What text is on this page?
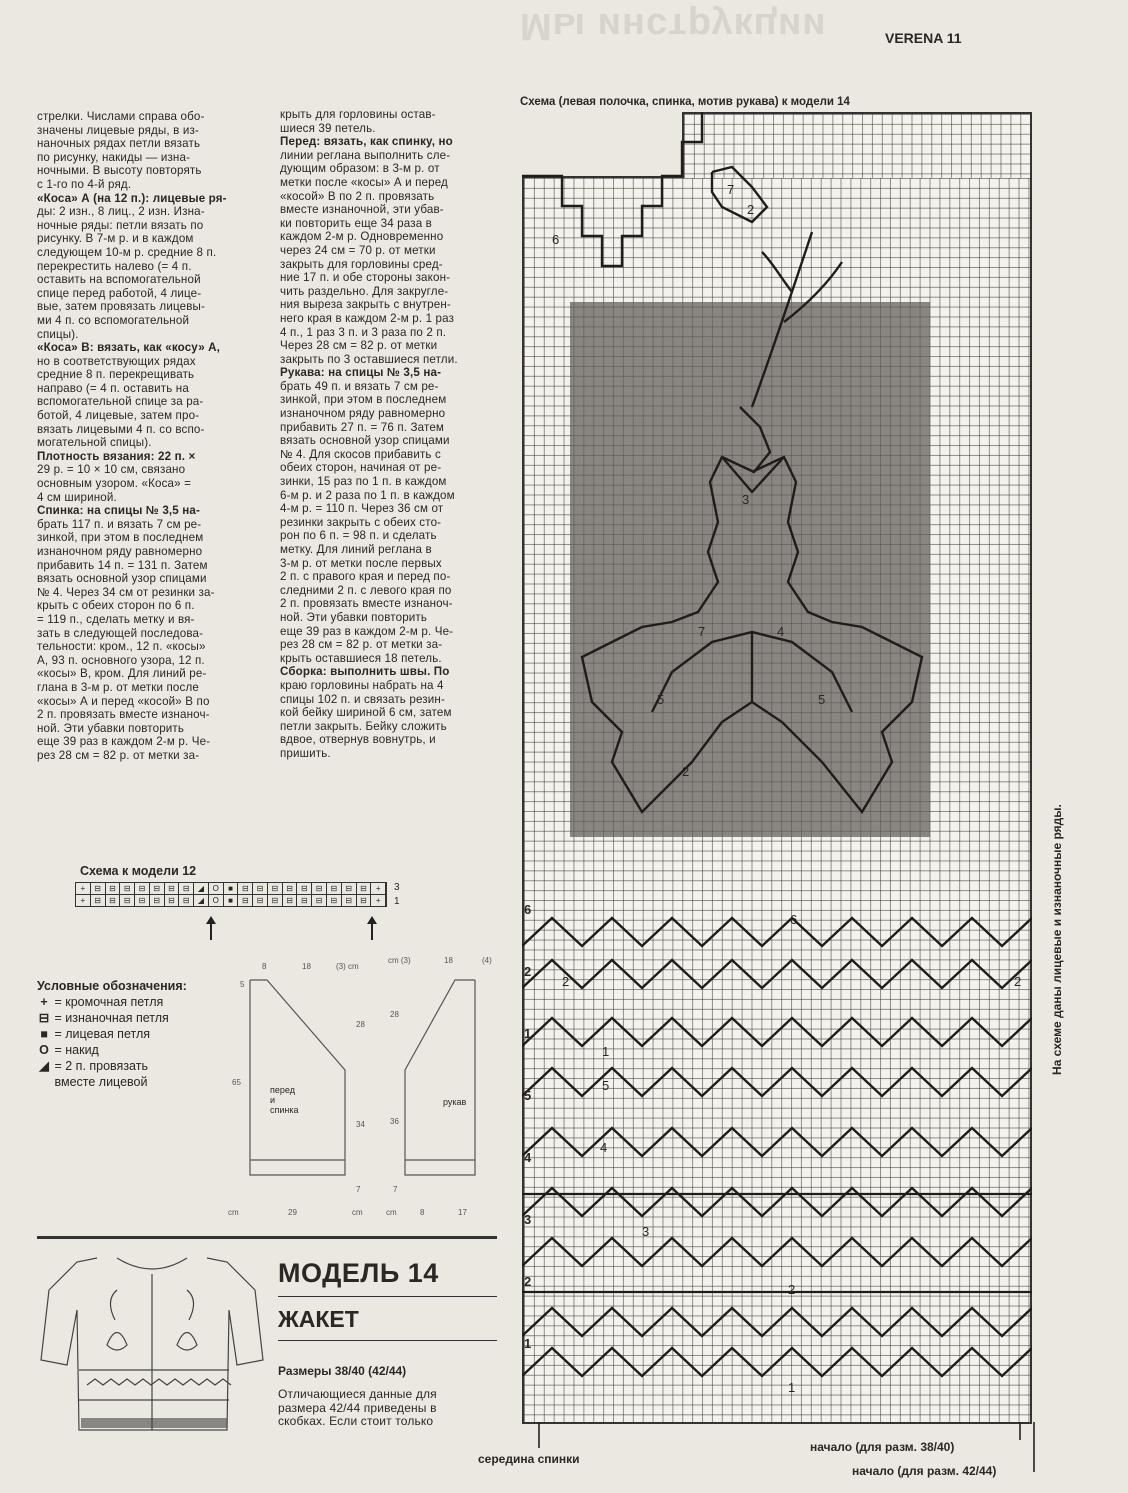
Мы инструкции	VERENA 11

стрелки. Числами справа обо-

значены лицевые ряды, в из-

наночных рядах петли вязать

по рисунку, накиды — изна-

ночными. В высоту повторять

с 1-го по 4-й ряд.

«Коса» А (на 12 п.): лицевые ря-

ды: 2 изн., 8 лиц., 2 изн. Изна-

ночные ряды: петли вязать по

рисунку. В 7-м р. и в каждом

следующем 10-м р. средние 8 п.

перекрестить налево (= 4 п.

оставить на вспомогательной

спице перед работой, 4 лице-

вые, затем провязать лицевы-

ми 4 п. со вспомогательной

спицы).

«Коса» В: вязать, как «косу» А,

но в соответствующих рядах

средние 8 п. перекрещивать

направо (= 4 п. оставить на

вспомогательной спице за ра-

ботой, 4 лицевые, затем про-

вязать лицевыми 4 п. со вспо-

могательной спицы).

Плотность вязания: 22 п. ×

29 р. = 10 × 10 см, связано

основным узором. «Коса» =

4 см шириной.

Спинка: на спицы № 3,5 на-

брать 117 п. и вязать 7 см ре-

зинкой, при этом в последнем

изнаночном ряду равномерно

прибавить 14 п. = 131 п. Затем

вязать основной узор спицами

№ 4. Через 34 см от резинки за-

крыть с обеих сторон по 6 п.

= 119 п., сделать метку и вя-

зать в следующей последова-

тельности: кром., 12 п. «косы»

А, 93 п. основного узора, 12 п.

«косы» В, кром. Для линий ре-

глана в 3-м р. от метки после

«косы» А и перед «косой» В по

2 п. провязать вместе изнаноч-

ной. Эти убавки повторить

еще 39 раз в каждом 2-м р. Че-

рез 28 см = 82 р. от метки за-

крыть для горловины остав-

шиеся 39 петель.

Перед: вязать, как спинку, но

линии реглана выполнить сле-

дующим образом: в 3-м р. от

метки после «косы» А и перед

«косой» В по 2 п. провязать

вместе изнаночной, эти убав-

ки повторить еще 34 раза в

каждом 2-м р. Одновременно

через 24 см = 70 р. от метки

закрыть для горловины сред-

ние 17 п. и обе стороны закон-

чить раздельно. Для закругле-

ния выреза закрыть с внутрен-

него края в каждом 2-м р. 1 раз

4 п., 1 раз 3 п. и 3 раза по 2 п.

Через 28 см = 82 р. от метки

закрыть по 3 оставшиеся петли.

Рукава: на спицы № 3,5 на-

брать 49 п. и вязать 7 см ре-

зинкой, при этом в последнем

изнаночном ряду равномерно

прибавить 27 п. = 76 п. Затем

вязать основной узор спицами

№ 4. Для скосов прибавить с

обеих сторон, начиная от ре-

зинки, 15 раз по 1 п. в каждом

6-м р. и 2 раза по 1 п. в каждом

4-м р. = 110 п. Через 36 см от

резинки закрыть с обеих сто-

рон по 6 п. = 98 п. и сделать

метку. Для линий реглана в

3-м р. от метки после первых

2 п. с правого края и перед по-

следними 2 п. с левого края по

2 п. провязать вместе изнаноч-

ной. Эти убавки повторить

еще 39 раз в каждом 2-м р. Че-

рез 28 см = 82 р. от метки за-

крыть оставшиеся 18 петель.

Сборка: выполнить швы. По

краю горловины набрать на 4

спицы 102 п. и связать резин-

кой бейку шириной 6 см, затем

петли закрыть. Бейку сложить

вдвое, отвернув вовнутрь, и

пришить.

Схема к модели 12
+	⊟	⊟	⊟	⊟	⊟	⊟	⊟	◢	O	■	⊟	⊟	⊟	⊟	⊟	⊟	⊟	⊟	⊟	+
+	⊟	⊟	⊟	⊟	⊟	⊟	⊟	◢	O	■	⊟	⊟	⊟	⊟	⊟	⊟	⊟	⊟	⊟	+
3
1
Условные обозначения:
+ = кромочная петля
⊟ = изнаночная петля
■ = лицевая петля
O = накид
◢ = 2 п. провязать
вместе лицевой
8	18	(3) cm
cm (3)	18	(4)
5
28
28
65
34	36
7	7
перед
и
спинка
рукав
cm	29	cm	cm	8	17
МОДЕЛЬ 14
ЖАКЕТ
Размеры 38/40 (42/44)

Отличающиеся данные для

размера 42/44 приведены в

скобках. Если стоит только

Схема (левая полочка, спинка, мотив рукава) к модели 14
6
2
7
3
7	4
5	5
2
6
2	2
1
5
4
3
2
1
6
2
1
5
4
3
2
1
На схеме даны лицевые и изнаночные ряды.
середина спинки
начало (для разм. 38/40)
начало (для разм. 42/44)
